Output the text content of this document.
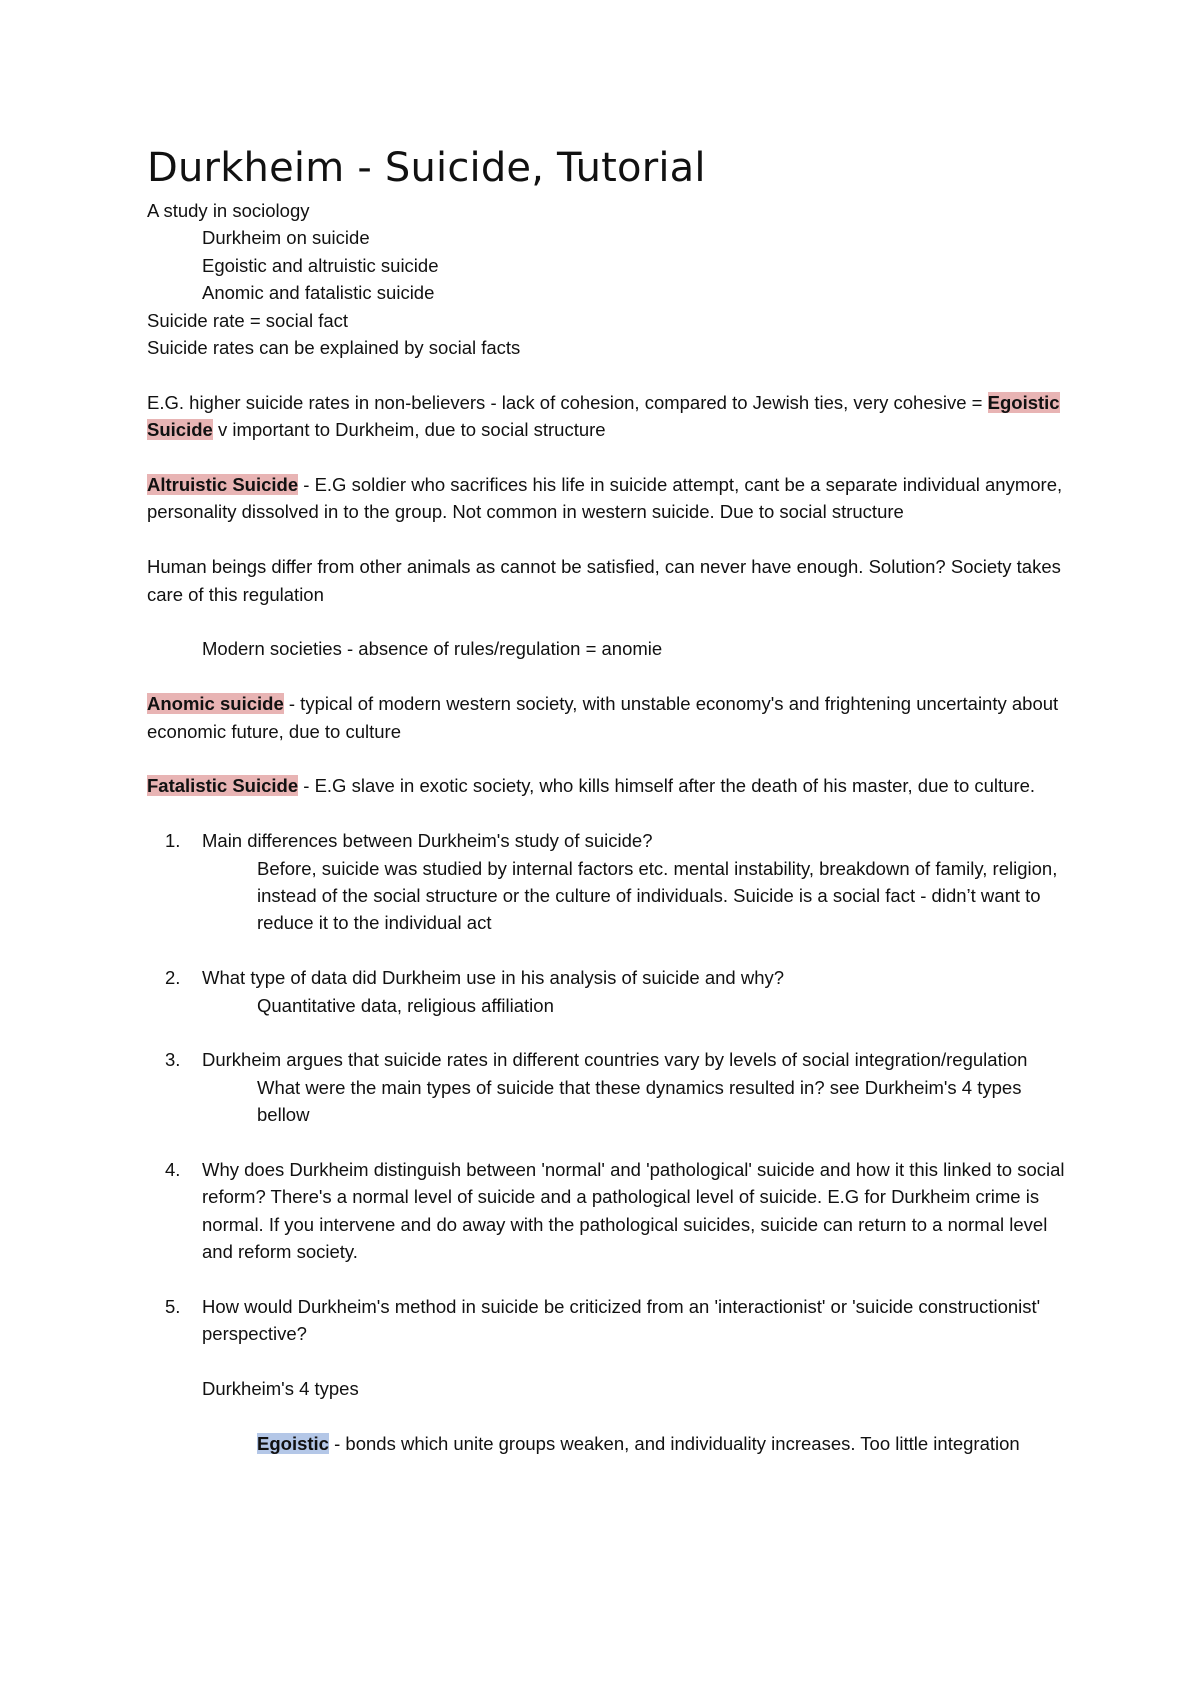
Durkheim - Suicide, Tutorial

A study in sociology

Durkheim on suicide

Egoistic and altruistic suicide

Anomic and fatalistic suicide

Suicide rate = social fact

Suicide rates can be explained by social facts

E.G. higher suicide rates in non-believers - lack of cohesion, compared to Jewish ties, very cohesive = Egoistic Suicide v important to Durkheim, due to social structure

Altruistic Suicide - E.G soldier who sacrifices his life in suicide attempt, cant be a separate individual anymore, personality dissolved in to the group. Not common in western suicide. Due to social structure

Human beings differ from other animals as cannot be satisfied, can never have enough. Solution? Society takes care of this regulation

Modern societies - absence of rules/regulation = anomie

Anomic suicide - typical of modern western society, with unstable economy's and frightening uncertainty about economic future, due to culture

Fatalistic Suicide - E.G slave in exotic society, who kills himself after the death of his master, due to culture.

1. Main differences between Durkheim's study of suicide?

Before, suicide was studied by internal factors etc. mental instability, breakdown of family, religion, instead of the social structure or the culture of individuals. Suicide is a social fact - didn’t want to reduce it to the individual act

2. What type of data did Durkheim use in his analysis of suicide and why?

Quantitative data, religious affiliation

3. Durkheim argues that suicide rates in different countries vary by levels of social integration/regulation

What were the main types of suicide that these dynamics resulted in? see Durkheim's 4 types bellow

4. Why does Durkheim distinguish between 'normal' and 'pathological' suicide and how it this linked to social reform? There's a normal level of suicide and a pathological level of suicide. E.G for Durkheim crime is normal. If you intervene and do away with the pathological suicides, suicide can return to a normal level and reform society.

5. How would Durkheim's method in suicide be criticized from an 'interactionist' or 'suicide constructionist' perspective?

Durkheim's 4 types

Egoistic - bonds which unite groups weaken, and individuality increases. Too little integration
